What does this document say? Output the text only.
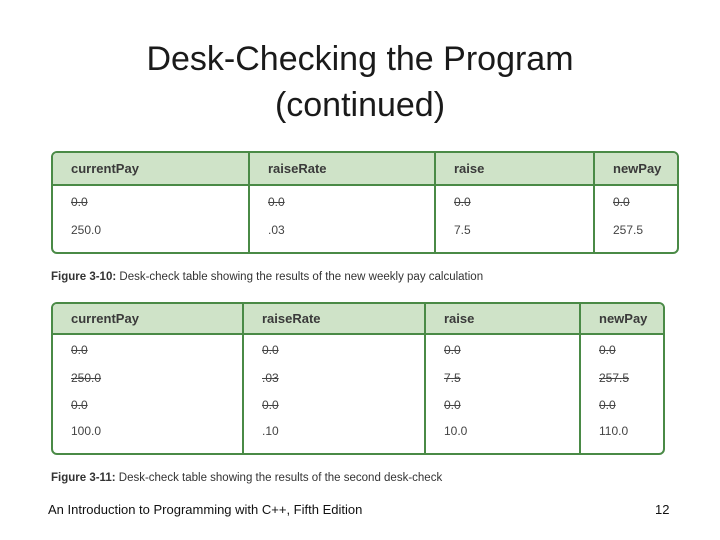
Desk-Checking the Program
(continued)
currentPay	raiseRate	raise	newPay
0.0	0.0	0.0	0.0
250.0	.03	7.5	257.5

Figure 3-10: Desk-check table showing the results of the new weekly pay calculation
currentPay	raiseRate	raise	newPay
0.0	0.0	0.0	0.0
250.0	.03	7.5	257.5
0.0	0.0	0.0	0.0
100.0	.10	10.0	110.0

Figure 3-11: Desk-check table showing the results of the second desk-check
An Introduction to Programming with C++, Fifth Edition	12
